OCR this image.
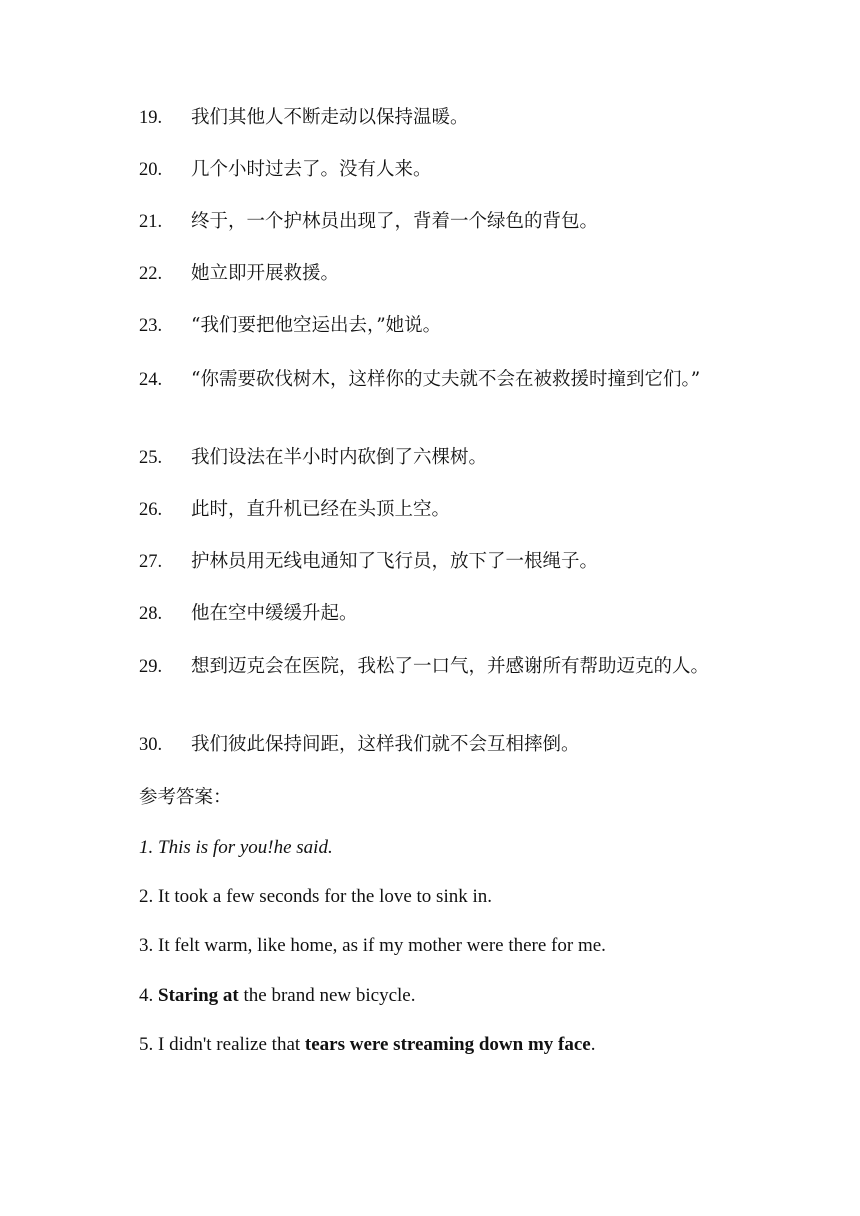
19. 我们其他人不断走动以保持温暖。
20. 几个小时过去了。没有人来。
21. 终于，一个护林员出现了，背着一个绿色的背包。
22. 她立即开展救援。
23. “我们要把他空运出去，”她说。
24. “你需要砍伐树木，这样你的丈夫就不会在被救援时撞到它们。”
25. 我们设法在半小时内砍倒了六棵树。
26. 此时，直升机已经在头顶上空。
27. 护林员用无线电通知了飞行员，放下了一根绳子。
28. 他在空中缓缓升起。
29. 想到迈克会在医院，我松了一口气，并感谢所有帮助迈克的人。
30. 我们彼此保持间距，这样我们就不会互相摔倒。
参考答案：
1. This is for you!he said.
2. It took a few seconds for the love to sink in.
3. It felt warm, like home, as if my mother were there for me.
4. Staring at the brand new bicycle.
5. I didn't realize that tears were streaming down my face.
